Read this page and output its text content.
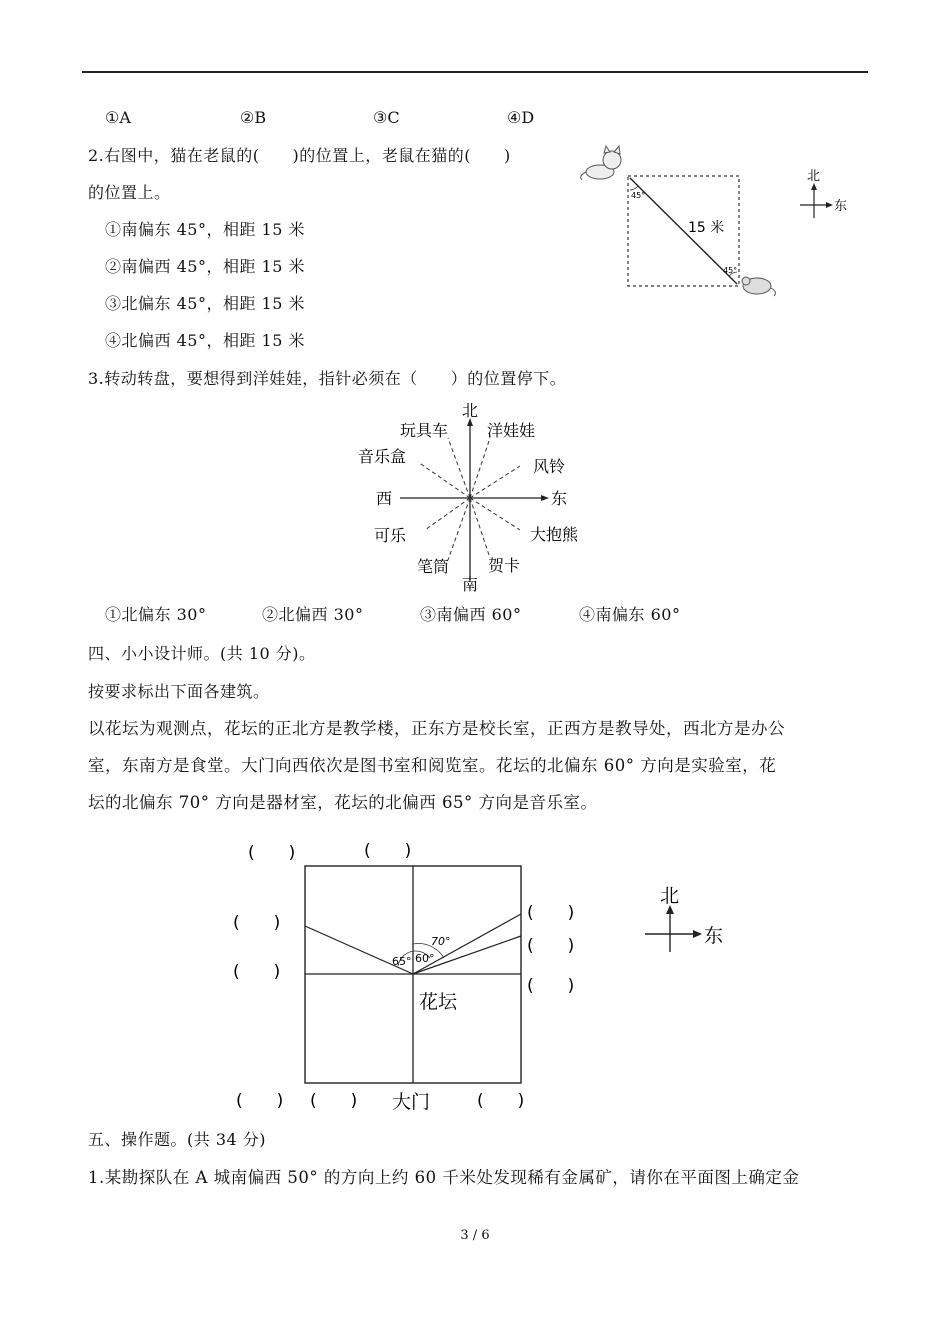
①A	②B	③C	④D
2.右图中，猫在老鼠的(　　)的位置上，老鼠在猫的(　　)
的位置上。
①南偏东 45°，相距 15 米
②南偏西 45°，相距 15 米
③北偏东 45°，相距 15 米
④北偏西 45°，相距 15 米
45°
45°
15 米
北
东
北
南
东
西
玩具车 洋娃娃
音乐盒
风铃
可乐	大抱熊
笔筒 贺卡
65° 60°
70°
花坛
大门
(　　)	(　　)
(　　)
(　　)
(　　)
(　　)
(　　)
(　　) (　　)	(　　)
北
东
3.转动转盘，要想得到洋娃娃，指针必须在（　　）的位置停下。
①北偏东 30°	②北偏西 30°	③南偏西 60°	④南偏东 60°
四、小小设计师。(共 10 分)。
按要求标出下面各建筑。
以花坛为观测点，花坛的正北方是教学楼，正东方是校长室，正西方是教导处，西北方是办公
室，东南方是食堂。大门向西依次是图书室和阅览室。花坛的北偏东 60° 方向是实验室，花
坛的北偏东 70° 方向是器材室，花坛的北偏西 65° 方向是音乐室。
五、操作题。(共 34 分)
1.某勘探队在 A 城南偏西 50° 的方向上约 60 千米处发现稀有金属矿，请你在平面图上确定金
3 / 6
